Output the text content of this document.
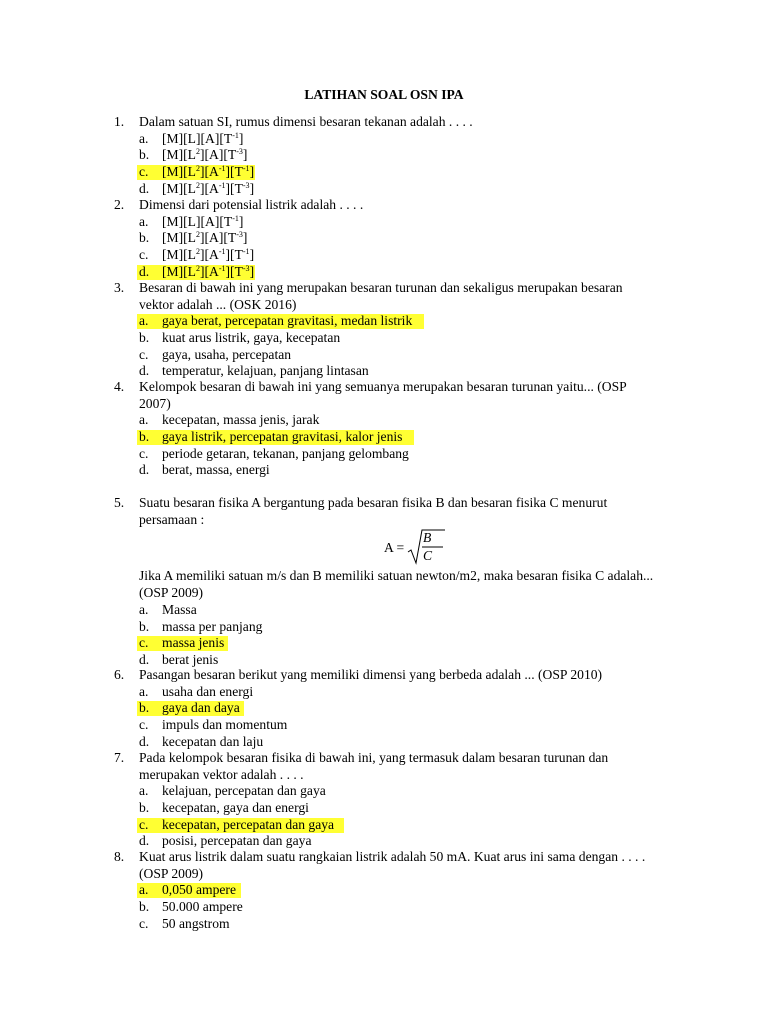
LATIHAN SOAL OSN IPA
1.	Dalam satuan SI, rumus dimensi besaran tekanan adalah . . . .
a. $[M][L][A][T^{-1}]$
b. $[M][L^2][A][T^{-3}]$
c. $[M][L^2][A^{-1}][T^{-1}]$
d. $[M][L^2][A^{-1}][T^{-3}]$
2.	Dimensi dari potensial listrik adalah . . . .
a. $[M][L][A][T^{-1}]$
b. $[M][L^2][A][T^{-3}]$
c. $[M][L^2][A^{-1}][T^{-1}]$
d. $[M][L^2][A^{-1}][T^{-3}]$
3.	Besaran di bawah ini yang merupakan besaran turunan dan sekaligus merupakan besaran vektor adalah ... (OSK 2016)
a. gaya berat, percepatan gravitasi, medan listrik
b. kuat arus listrik, gaya, kecepatan
c. gaya, usaha, percepatan
d. temperatur, kelajuan, panjang lintasan
4.	Kelompok besaran di bawah ini yang semuanya merupakan besaran turunan yaitu... (OSP 2007)
a. kecepatan, massa jenis, jarak
b. gaya listrik, percepatan gravitasi, kalor jenis
c. periode getaran, tekanan, panjang gelombang
d. berat, massa, energi
5.	Suatu besaran fisika A bergantung pada besaran fisika B dan besaran fisika C menurut persamaan :
A =
B
C
Jika A memiliki satuan m/s dan B memiliki satuan newton/m2, maka besaran fisika C adalah... (OSP 2009)
a. Massa
b. massa per panjang
c. massa jenis
d. berat jenis
6.	Pasangan besaran berikut yang memiliki dimensi yang berbeda adalah ... (OSP 2010)
a. usaha dan energi
b. gaya dan daya
c. impuls dan momentum
d. kecepatan dan laju
7.	Pada kelompok besaran fisika di bawah ini, yang termasuk dalam besaran turunan dan merupakan vektor adalah . . . .
a. kelajuan, percepatan dan gaya
b. kecepatan, gaya dan energi
c. kecepatan, percepatan dan gaya
d. posisi, percepatan dan gaya
8.	Kuat arus listrik dalam suatu rangkaian listrik adalah 50 mA. Kuat arus ini sama dengan . . . . (OSP 2009)
a. 0,050 ampere
b. 50.000 ampere
c. 50 angstrom
